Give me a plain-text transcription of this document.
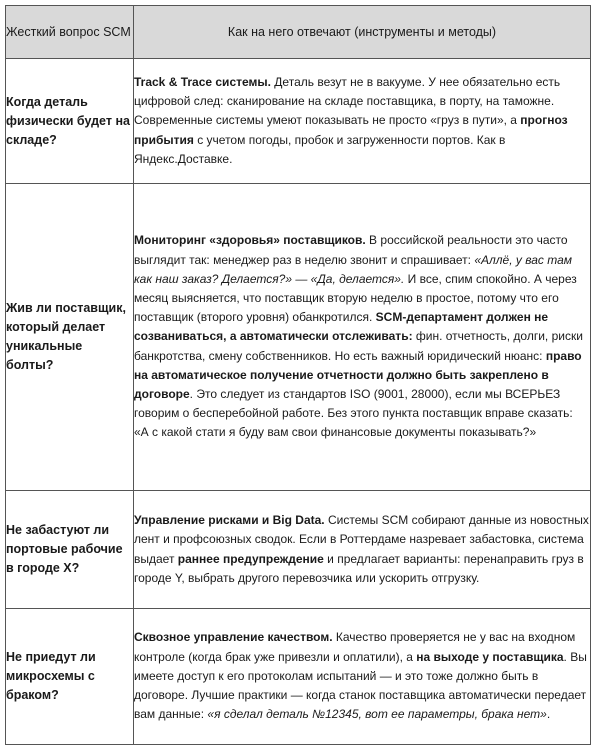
Жесткий вопрос SCM	Как на него отвечают (инструменты и методы)
Когда деталь физически будет на складе?	Track & Trace системы. Деталь везут не в вакууме. У нее обязательно есть цифровой след: сканирование на складе поставщика, в порту, на таможне. Современные системы умеют показывать не просто «груз в пути», а прогноз прибытия с учетом погоды, пробок и загруженности портов. Как в Яндекс.Доставке.
Жив ли поставщик, который делает уникальные болты?	Мониторинг «здоровья» поставщиков. В российской реальности это часто выглядит так: менеджер раз в неделю звонит и спрашивает: «Аллё, у вас там как наш заказ? Делается?» — «Да, делается». И все, спим спокойно. А через месяц выясняется, что поставщик вторую неделю в простое, потому что его поставщик (второго уровня) обанкротился. SCM-департамент должен не созваниваться, а автоматически отслеживать: фин. отчетность, долги, риски банкротства, смену собственников. Но есть важный юридический нюанс: право на автоматическое получение отчетности должно быть закреплено в договоре. Это следует из стандартов ISO (9001, 28000), если мы ВСЕРЬЕЗ говорим о бесперебойной работе. Без этого пункта поставщик вправе сказать: «А с какой стати я буду вам свои финансовые документы показывать?»
Не забастуют ли портовые рабочие в городе X?	Управление рисками и Big Data. Системы SCM собирают данные из новостных лент и профсоюзных сводок. Если в Роттердаме назревает забастовка, система выдает раннее предупреждение и предлагает варианты: перенаправить груз в городе Y, выбрать другого перевозчика или ускорить отгрузку.
Не приедут ли микросхемы с браком?	Сквозное управление качеством. Качество проверяется не у вас на входном контроле (когда брак уже привезли и оплатили), а на выходе у поставщика. Вы имеете доступ к его протоколам испытаний — и это тоже должно быть в договоре. Лучшие практики — когда станок поставщика автоматически передает вам данные: «я сделал деталь №12345, вот ее параметры, брака нет».
